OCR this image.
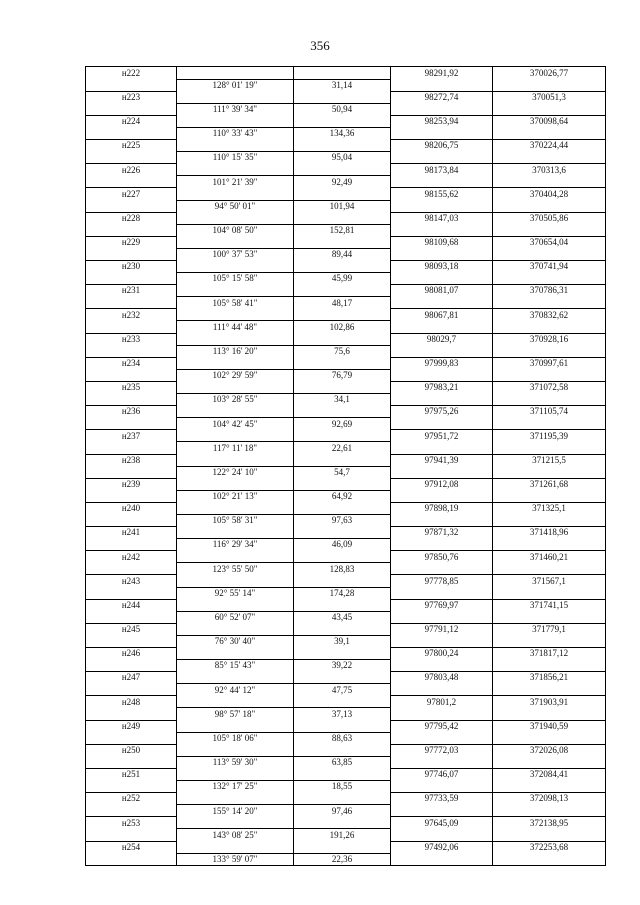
356
н222			98291,92	370026,77
	128° 01' 19"	31,14		
н223			98272,74	370051,3
	111° 39' 34"	50,94		
н224			98253,94	370098,64
	110° 33' 43"	134,36		
н225			98206,75	370224,44
	110° 15' 35"	95,04		
н226			98173,84	370313,6
	101° 21' 39"	92,49		
н227			98155,62	370404,28
	94° 50' 01"	101,94		
н228			98147,03	370505,86
	104° 08' 50"	152,81		
н229			98109,68	370654,04
	100° 37' 53"	89,44		
н230			98093,18	370741,94
	105° 15' 58"	45,99		
н231			98081,07	370786,31
	105° 58' 41"	48,17		
н232			98067,81	370832,62
	111° 44' 48"	102,86		
н233			98029,7	370928,16
	113° 16' 20"	75,6		
н234			97999,83	370997,61
	102° 29' 59"	76,79		
н235			97983,21	371072,58
	103° 28' 55"	34,1		
н236			97975,26	371105,74
	104° 42' 45"	92,69		
н237			97951,72	371195,39
	117° 11' 18"	22,61		
н238			97941,39	371215,5
	122° 24' 10"	54,7		
н239			97912,08	371261,68
	102° 21' 13"	64,92		
н240			97898,19	371325,1
	105° 58' 31"	97,63		
н241			97871,32	371418,96
	116° 29' 34"	46,09		
н242			97850,76	371460,21
	123° 55' 50"	128,83		
н243			97778,85	371567,1
	92° 55' 14"	174,28		
н244			97769,97	371741,15
	60° 52' 07"	43,45		
н245			97791,12	371779,1
	76° 30' 40"	39,1		
н246			97800,24	371817,12
	85° 15' 43"	39,22		
н247			97803,48	371856,21
	92° 44' 12"	47,75		
н248			97801,2	371903,91
	98° 57' 18"	37,13		
н249			97795,42	371940,59
	105° 18' 06"	88,63		
н250			97772,03	372026,08
	113° 59' 30"	63,85		
н251			97746,07	372084,41
	132° 17' 25"	18,55		
н252			97733,59	372098,13
	155° 14' 20"	97,46		
н253			97645,09	372138,95
	143° 08' 25"	191,26		
н254			97492,06	372253,68
	133° 59' 07"	22,36		
